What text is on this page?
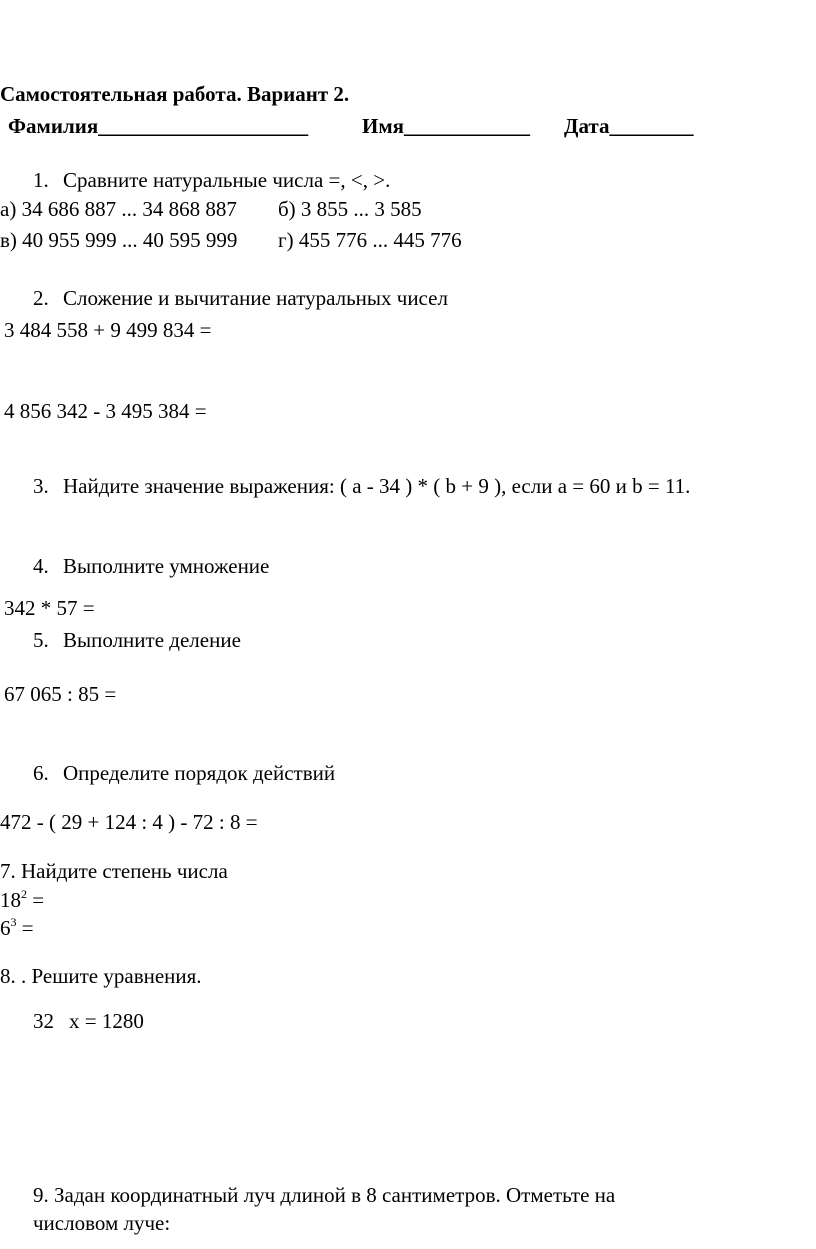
Самостоятельная работа. Вариант 2.
Фамилия____________________	Имя____________ Дата________
1. Сравните натуральные числа =, <, >.
а) 34 686 887 ... 34 868 887 б) 3 855 ... 3 585
в) 40 955 999 ... 40 595 999 г) 455 776 ... 445 776
2. Сложение и вычитание натуральных чисел
3 484 558 + 9 499 834 =
4 856 342 - 3 495 384 =
3. Найдите значение выражения: ( a - 34 ) * ( b + 9 ), если a = 60 и b = 11.
4. Выполните умножение
342 * 57 =
5. Выполните деление
67 065 : 85 =
6. Определите порядок действий
472 - ( 29 + 124 : 4 ) - 72 : 8 =
7. Найдите степень числа
$18^2$ =
$6^3$ =
8. . Решите уравнения.
32 x = 1280
9. Задан координатный луч длиной в 8 сантиметров. Отметьте на
числовом луче:
